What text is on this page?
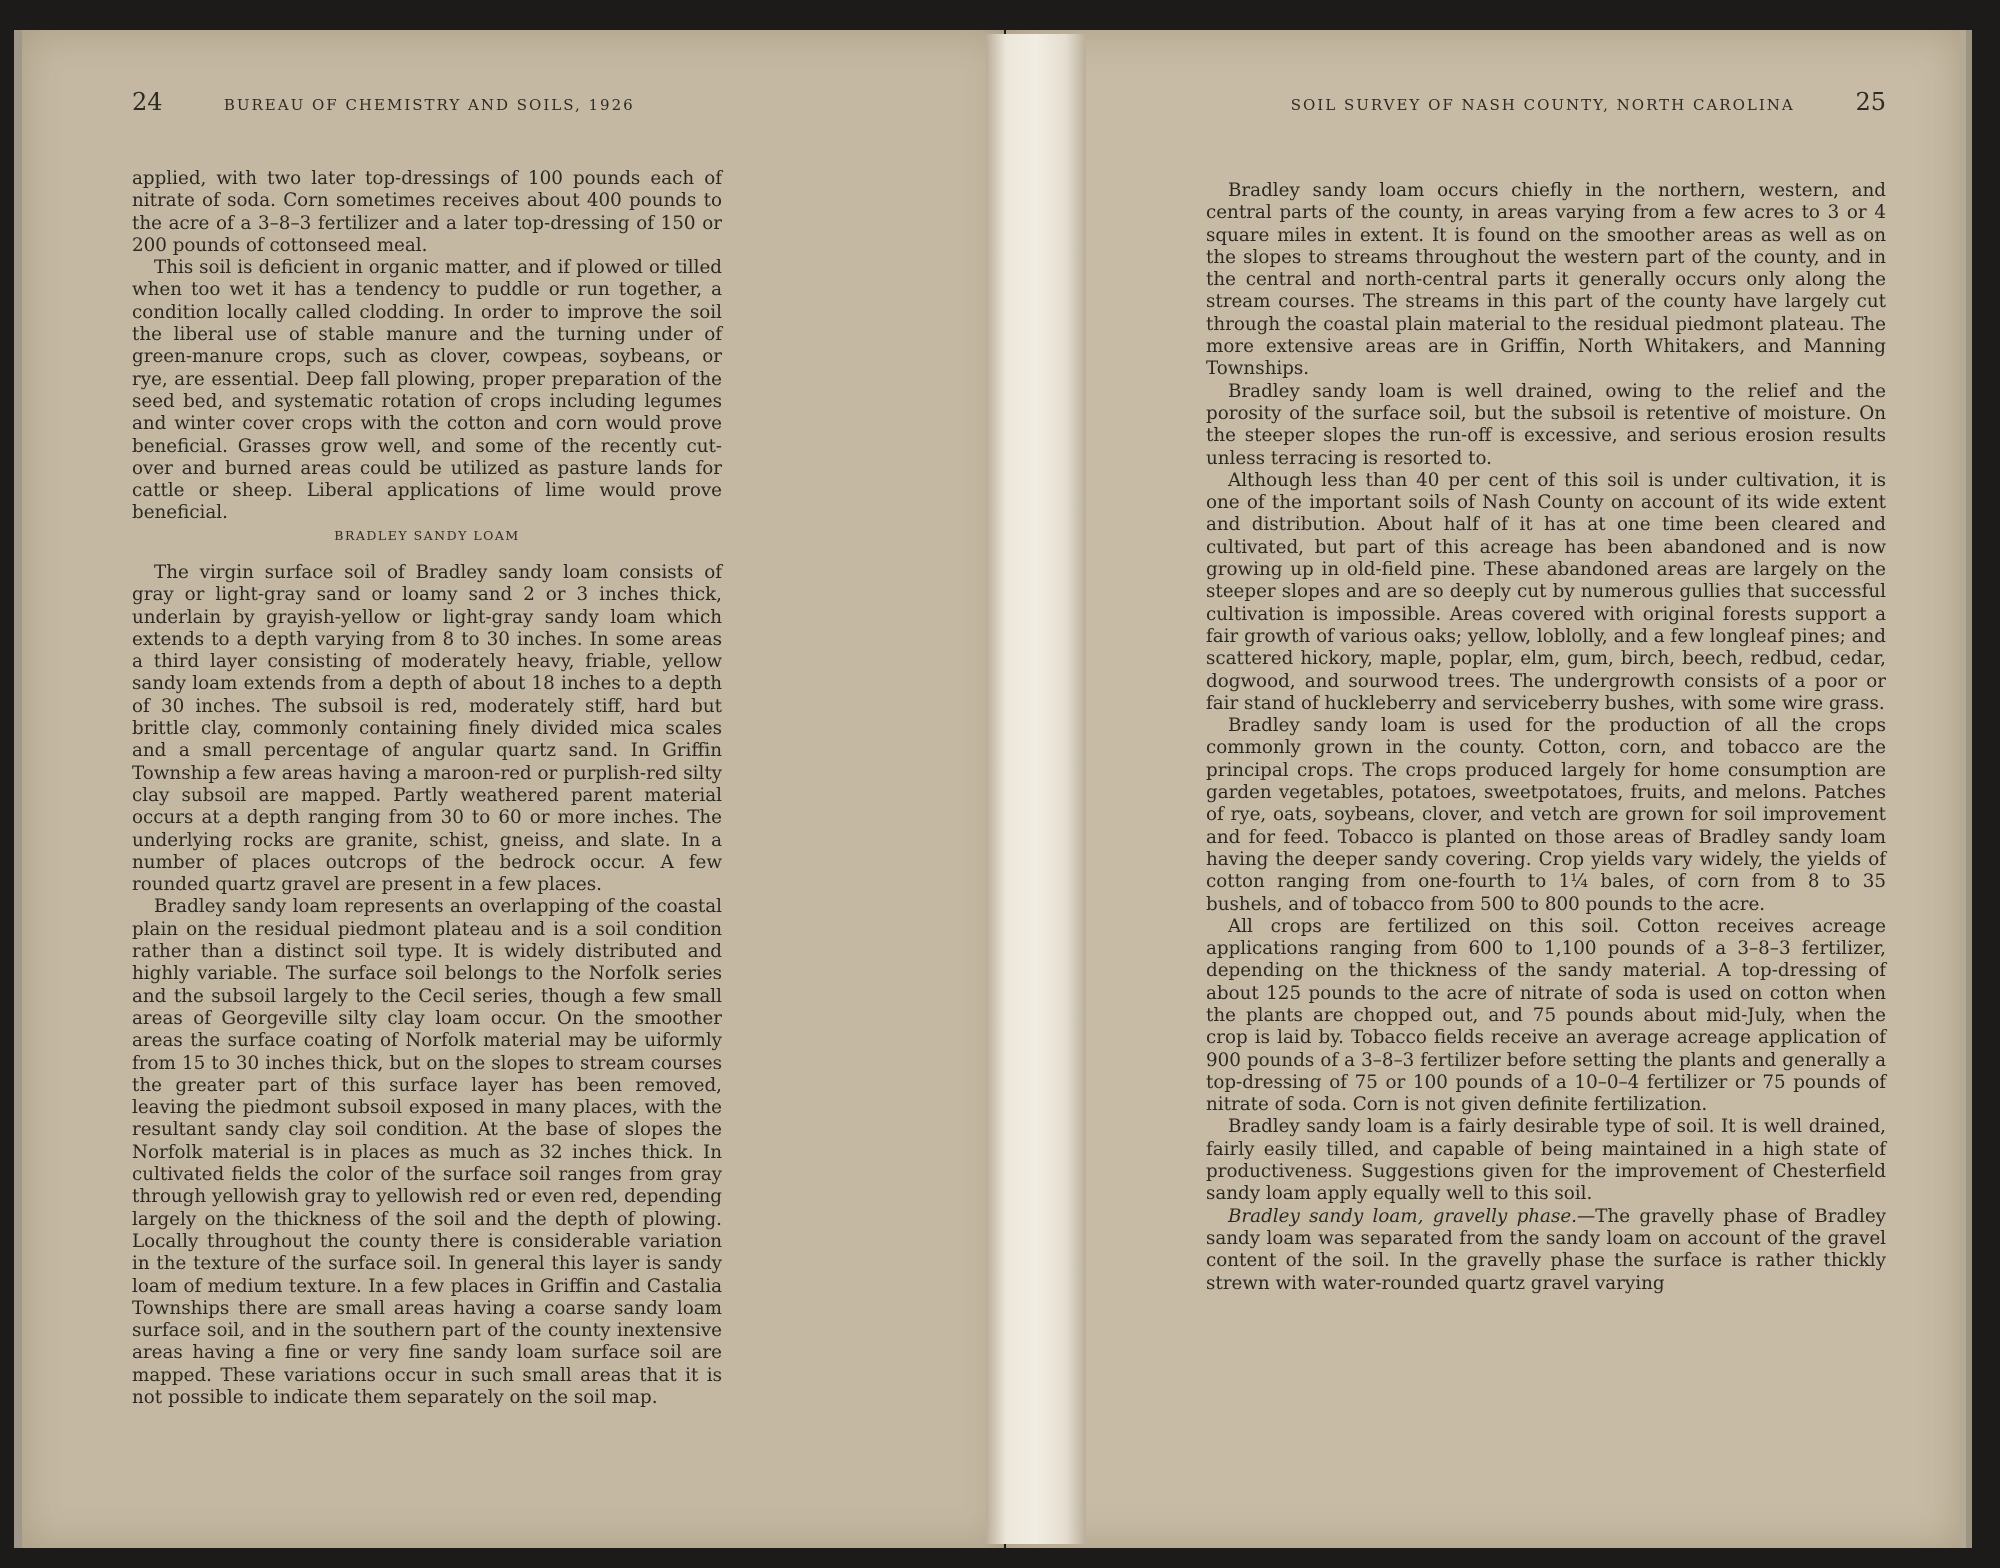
24	BUREAU OF CHEMISTRY AND SOILS, 1926

applied, with two later top-dressings of 100 pounds each of nitrate of soda. Corn sometimes receives about 400 pounds to the acre of a 3–8–3 fertilizer and a later top-dressing of 150 or 200 pounds of cottonseed meal.

This soil is deficient in organic matter, and if plowed or tilled when too wet it has a tendency to puddle or run together, a condition locally called clodding. In order to improve the soil the liberal use of stable manure and the turning under of green-manure crops, such as clover, cowpeas, soybeans, or rye, are essential. Deep fall plowing, proper preparation of the seed bed, and systematic rotation of crops including legumes and winter cover crops with the cotton and corn would prove beneficial. Grasses grow well, and some of the recently cut-over and burned areas could be utilized as pasture lands for cattle or sheep. Liberal applications of lime would prove beneficial.

BRADLEY SANDY LOAM

The virgin surface soil of Bradley sandy loam consists of gray or light-gray sand or loamy sand 2 or 3 inches thick, underlain by grayish-yellow or light-gray sandy loam which extends to a depth varying from 8 to 30 inches. In some areas a third layer consisting of moderately heavy, friable, yellow sandy loam extends from a depth of about 18 inches to a depth of 30 inches. The subsoil is red, moderately stiff, hard but brittle clay, commonly containing finely divided mica scales and a small percentage of angular quartz sand. In Griffin Township a few areas having a maroon-red or purplish-red silty clay subsoil are mapped. Partly weathered parent material occurs at a depth ranging from 30 to 60 or more inches. The underlying rocks are granite, schist, gneiss, and slate. In a number of places outcrops of the bedrock occur. A few rounded quartz gravel are present in a few places.

Bradley sandy loam represents an overlapping of the coastal plain on the residual piedmont plateau and is a soil condition rather than a distinct soil type. It is widely distributed and highly variable. The surface soil belongs to the Norfolk series and the subsoil largely to the Cecil series, though a few small areas of Georgeville silty clay loam occur. On the smoother areas the surface coating of Norfolk material may be uiformly from 15 to 30 inches thick, but on the slopes to stream courses the greater part of this surface layer has been removed, leaving the piedmont subsoil exposed in many places, with the resultant sandy clay soil condition. At the base of slopes the Norfolk material is in places as much as 32 inches thick. In cultivated fields the color of the surface soil ranges from gray through yellowish gray to yellowish red or even red, depending largely on the thickness of the soil and the depth of plowing. Locally throughout the county there is considerable variation in the texture of the surface soil. In general this layer is sandy loam of medium texture. In a few places in Griffin and Castalia Townships there are small areas having a coarse sandy loam surface soil, and in the southern part of the county inextensive areas having a fine or very fine sandy loam surface soil are mapped. These variations occur in such small areas that it is not possible to indicate them separately on the soil map.

SOIL SURVEY OF NASH COUNTY, NORTH CAROLINA	25

Bradley sandy loam occurs chiefly in the northern, western, and central parts of the county, in areas varying from a few acres to 3 or 4 square miles in extent. It is found on the smoother areas as well as on the slopes to streams throughout the western part of the county, and in the central and north-central parts it generally occurs only along the stream courses. The streams in this part of the county have largely cut through the coastal plain material to the residual piedmont plateau. The more extensive areas are in Griffin, North Whitakers, and Manning Townships.

Bradley sandy loam is well drained, owing to the relief and the porosity of the surface soil, but the subsoil is retentive of moisture. On the steeper slopes the run-off is excessive, and serious erosion results unless terracing is resorted to.

Although less than 40 per cent of this soil is under cultivation, it is one of the important soils of Nash County on account of its wide extent and distribution. About half of it has at one time been cleared and cultivated, but part of this acreage has been abandoned and is now growing up in old-field pine. These abandoned areas are largely on the steeper slopes and are so deeply cut by numerous gullies that successful cultivation is impossible. Areas covered with original forests support a fair growth of various oaks; yellow, loblolly, and a few longleaf pines; and scattered hickory, maple, poplar, elm, gum, birch, beech, redbud, cedar, dogwood, and sourwood trees. The undergrowth consists of a poor or fair stand of huckleberry and serviceberry bushes, with some wire grass.

Bradley sandy loam is used for the production of all the crops commonly grown in the county. Cotton, corn, and tobacco are the principal crops. The crops produced largely for home consumption are garden vegetables, potatoes, sweetpotatoes, fruits, and melons. Patches of rye, oats, soybeans, clover, and vetch are grown for soil improvement and for feed. Tobacco is planted on those areas of Bradley sandy loam having the deeper sandy covering. Crop yields vary widely, the yields of cotton ranging from one-fourth to 1¼ bales, of corn from 8 to 35 bushels, and of tobacco from 500 to 800 pounds to the acre.

All crops are fertilized on this soil. Cotton receives acreage applications ranging from 600 to 1,100 pounds of a 3–8–3 fertilizer, depending on the thickness of the sandy material. A top-dressing of about 125 pounds to the acre of nitrate of soda is used on cotton when the plants are chopped out, and 75 pounds about mid-July, when the crop is laid by. Tobacco fields receive an average acreage application of 900 pounds of a 3–8–3 fertilizer before setting the plants and generally a top-dressing of 75 or 100 pounds of a 10–0–4 fertilizer or 75 pounds of nitrate of soda. Corn is not given definite fertilization.

Bradley sandy loam is a fairly desirable type of soil. It is well drained, fairly easily tilled, and capable of being maintained in a high state of productiveness. Suggestions given for the improvement of Chesterfield sandy loam apply equally well to this soil.

Bradley sandy loam, gravelly phase.—The gravelly phase of Bradley sandy loam was separated from the sandy loam on account of the gravel content of the soil. In the gravelly phase the surface is rather thickly strewn with water-rounded quartz gravel varying
